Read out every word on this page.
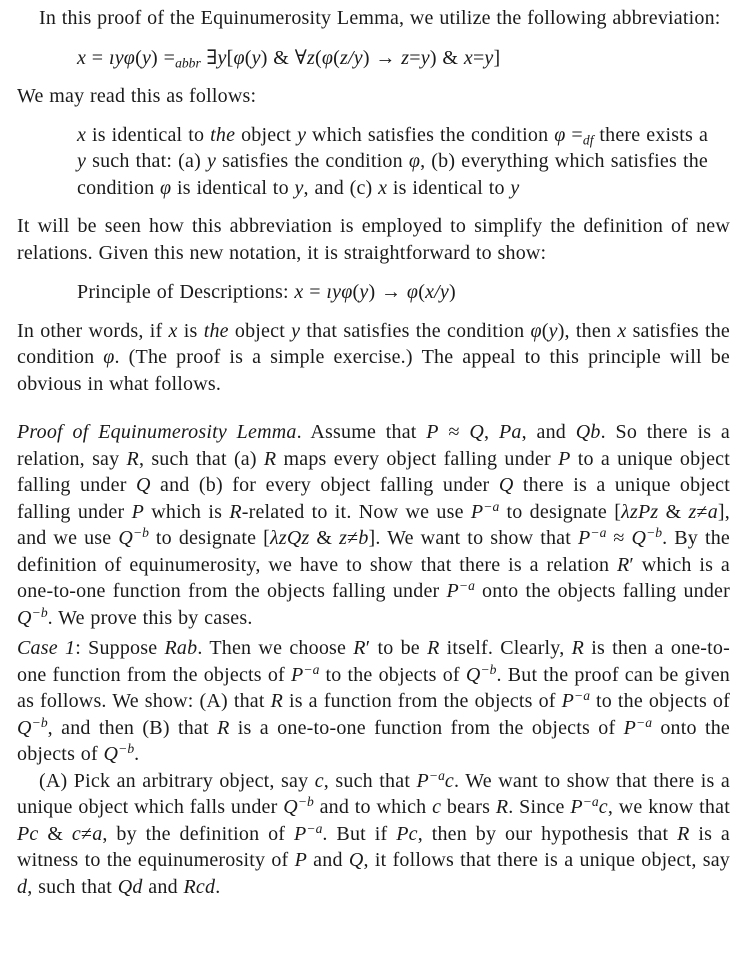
In this proof of the Equinumerosity Lemma, we utilize the following abbreviation:
x = ıyφ(y) $=_{abbr}$ ∃y[φ(y) & ∀z(φ(z/y) → z=y) & x=y]
We may read this as follows:
x is identical to the object y which satisfies the condition $\varphi =_{df}$ there exists a y such that: (a) y satisfies the condition φ, (b) everything which satisfies the condition φ is identical to y, and (c) x is identical to y
It will be seen how this abbreviation is employed to simplify the definition of new relations. Given this new notation, it is straightforward to show:
Principle of Descriptions: x = ıyφ(y) → φ(x/y)
In other words, if x is the object y that satisfies the condition φ(y), then x satisfies the condition φ. (The proof is a simple exercise.) The appeal to this principle will be obvious in what follows.
Proof of Equinumerosity Lemma. Assume that P ≈ Q, Pa, and Qb. So there is a relation, say R, such that (a) R maps every object falling under P to a unique object falling under Q and (b) for every object falling under Q there is a unique object falling under P which is R-related to it. Now we use $P^{-a}$ to designate [λzPz & z≠a], and we use $Q^{-b}$ to designate [λzQz & z≠b]. We want to show that $P^{-a} \approx Q^{-b}$. By the definition of equinumerosity, we have to show that there is a relation R′ which is a one-to-one function from the objects falling under $P^{-a}$ onto the objects falling under $Q^{-b}$. We prove this by cases.
Case 1: Suppose Rab. Then we choose R′ to be R itself. Clearly, R is then a one-to-one function from the objects of $P^{-a}$ to the objects of $Q^{-b}$. But the proof can be given as follows. We show: (A) that R is a function from the objects of $P^{-a}$ to the objects of $Q^{-b}$, and then (B) that R is a one-to-one function from the objects of $P^{-a}$ onto the objects of $Q^{-b}$.
(A) Pick an arbitrary object, say c, such that $P^{-a}c$. We want to show that there is a unique object which falls under $Q^{-b}$ and to which c bears R. Since $P^{-a}c$, we know that Pc & c≠a, by the definition of $P^{-a}$. But if Pc, then by our hypothesis that R is a witness to the equinumerosity of P and Q, it follows that there is a unique object, say d, such that Qd and Rcd.
